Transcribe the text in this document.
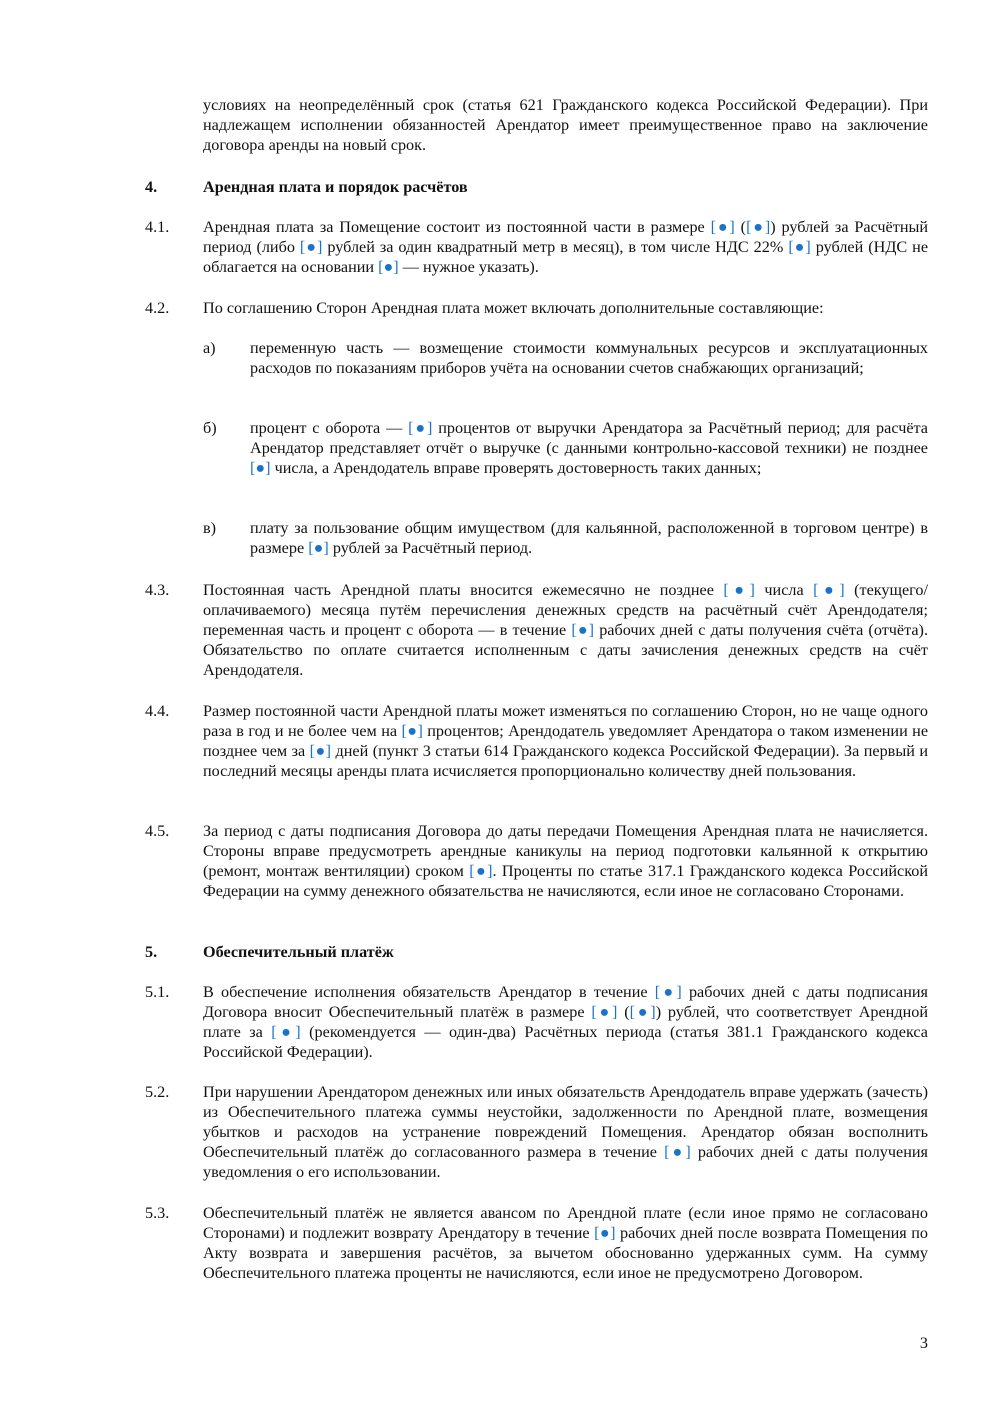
условиях на неопределённый срок (статья 621 Гражданского кодекса Российской Федерации). При надлежащем исполнении обязанностей Арендатор имеет преимущественное право на заключение договора аренды на новый срок.
4.	Арендная плата и порядок расчётов
4.1.	Арендная плата за Помещение состоит из постоянной части в размере [●] ([●]) рублей за Расчётный период (либо [●] рублей за один квадратный метр в месяц), в том числе НДС 22% [●] рублей (НДС не облагается на основании [●] — нужное указать).
4.2.	По соглашению Сторон Арендная плата может включать дополнительные составляющие:
а)	переменную часть — возмещение стоимости коммунальных ресурсов и эксплуатационных расходов по показаниям приборов учёта на основании счетов снабжающих организаций;
б)	процент с оборота — [●] процентов от выручки Арендатора за Расчётный период; для расчёта Арендатор представляет отчёт о выручке (с данными контрольно-кассовой техники) не позднее [●] числа, а Арендодатель вправе проверять достоверность таких данных;
в)	плату за пользование общим имуществом (для кальянной, расположенной в торговом центре) в размере [●] рублей за Расчётный период.
4.3.	Постоянная часть Арендной платы вносится ежемесячно не позднее [●] числа [●] (текущего/оплачиваемого) месяца путём перечисления денежных средств на расчётный счёт Арендодателя; переменная часть и процент с оборота — в течение [●] рабочих дней с даты получения счёта (отчёта). Обязательство по оплате считается исполненным с даты зачисления денежных средств на счёт Арендодателя.
4.4.	Размер постоянной части Арендной платы может изменяться по соглашению Сторон, но не чаще одного раза в год и не более чем на [●] процентов; Арендодатель уведомляет Арендатора о таком изменении не позднее чем за [●] дней (пункт 3 статьи 614 Гражданского кодекса Российской Федерации). За первый и последний месяцы аренды плата исчисляется пропорционально количеству дней пользования.
4.5.	За период с даты подписания Договора до даты передачи Помещения Арендная плата не начисляется. Стороны вправе предусмотреть арендные каникулы на период подготовки кальянной к открытию (ремонт, монтаж вентиляции) сроком [●]. Проценты по статье 317.1 Гражданского кодекса Российской Федерации на сумму денежного обязательства не начисляются, если иное не согласовано Сторонами.
5.	Обеспечительный платёж
5.1.	В обеспечение исполнения обязательств Арендатор в течение [●] рабочих дней с даты подписания Договора вносит Обеспечительный платёж в размере [●] ([●]) рублей, что соответствует Арендной плате за [●] (рекомендуется — один-два) Расчётных периода (статья 381.1 Гражданского кодекса Российской Федерации).
5.2.	При нарушении Арендатором денежных или иных обязательств Арендодатель вправе удержать (зачесть) из Обеспечительного платежа суммы неустойки, задолженности по Арендной плате, возмещения убытков и расходов на устранение повреждений Помещения. Арендатор обязан восполнить Обеспечительный платёж до согласованного размера в течение [●] рабочих дней с даты получения уведомления о его использовании.
5.3.	Обеспечительный платёж не является авансом по Арендной плате (если иное прямо не согласовано Сторонами) и подлежит возврату Арендатору в течение [●] рабочих дней после возврата Помещения по Акту возврата и завершения расчётов, за вычетом обоснованно удержанных сумм. На сумму Обеспечительного платежа проценты не начисляются, если иное не предусмотрено Договором.
3
